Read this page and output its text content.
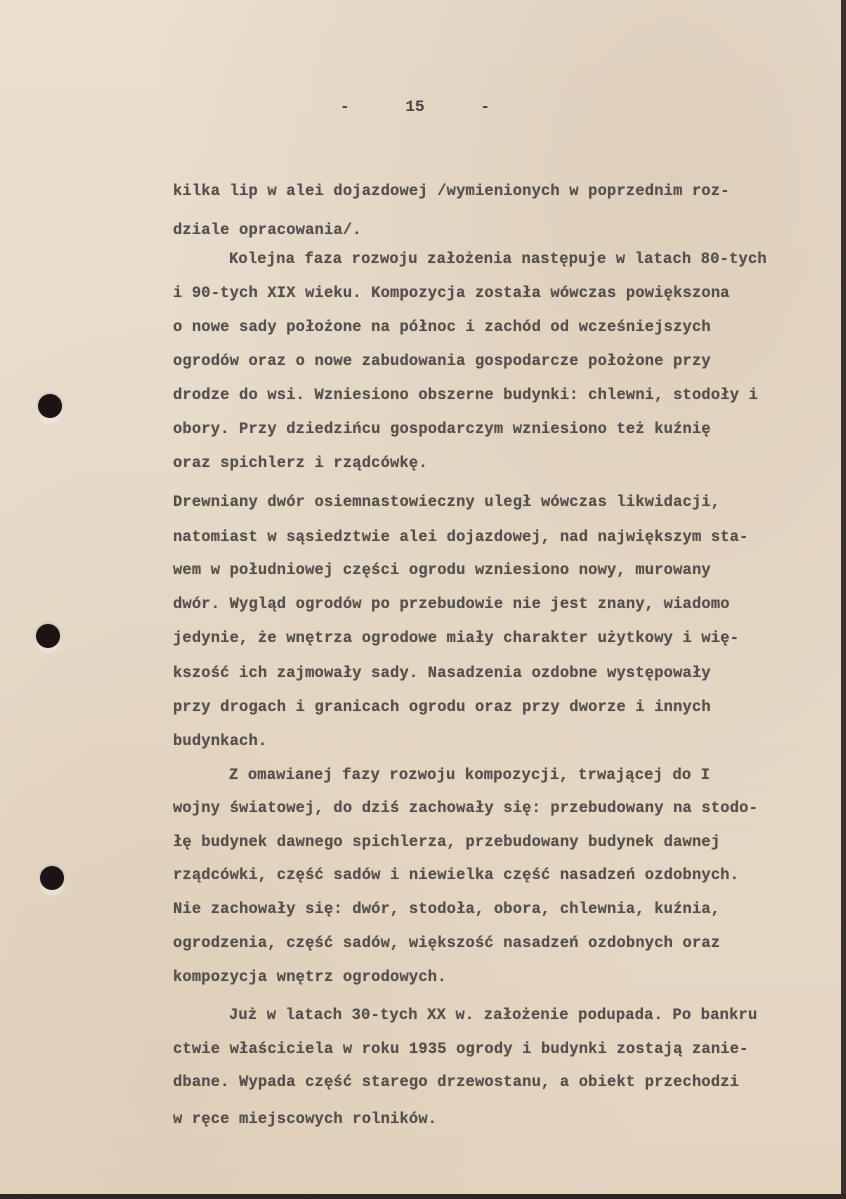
-	15	-
kilka lip w alei dojazdowej /wymienionych w poprzednim roz-
dziale opracowania/.
Kolejna faza rozwoju założenia następuje w latach 80-tych
i 90-tych XIX wieku. Kompozycja została wówczas powiększona
o nowe sady położone na północ i zachód od wcześniejszych
ogrodów oraz o nowe zabudowania gospodarcze położone przy
drodze do wsi. Wzniesiono obszerne budynki: chlewni, stodoły i
obory. Przy dziedzińcu gospodarczym wzniesiono też kuźnię
oraz spichlerz i rządcówkę.
Drewniany dwór osiemnastowieczny uległ wówczas likwidacji,
natomiast w sąsiedztwie alei dojazdowej, nad największym sta-
wem w południowej części ogrodu wzniesiono nowy, murowany
dwór. Wygląd ogrodów po przebudowie nie jest znany, wiadomo
jedynie, że wnętrza ogrodowe miały charakter użytkowy i wię-
kszość ich zajmowały sady. Nasadzenia ozdobne występowały
przy drogach i granicach ogrodu oraz przy dworze i innych
budynkach.
Z omawianej fazy rozwoju kompozycji, trwającej do I
wojny światowej, do dziś zachowały się: przebudowany na stodo-
łę budynek dawnego spichlerza, przebudowany budynek dawnej
rządcówki, część sadów i niewielka część nasadzeń ozdobnych.
Nie zachowały się: dwór, stodoła, obora, chlewnia, kuźnia,
ogrodzenia, część sadów, większość nasadzeń ozdobnych oraz
kompozycja wnętrz ogrodowych.
Już w latach 30-tych XX w. założenie podupada. Po bankru
ctwie właściciela w roku 1935 ogrody i budynki zostają zanie-
dbane. Wypada część starego drzewostanu, a obiekt przechodzi
w ręce miejscowych rolników.
